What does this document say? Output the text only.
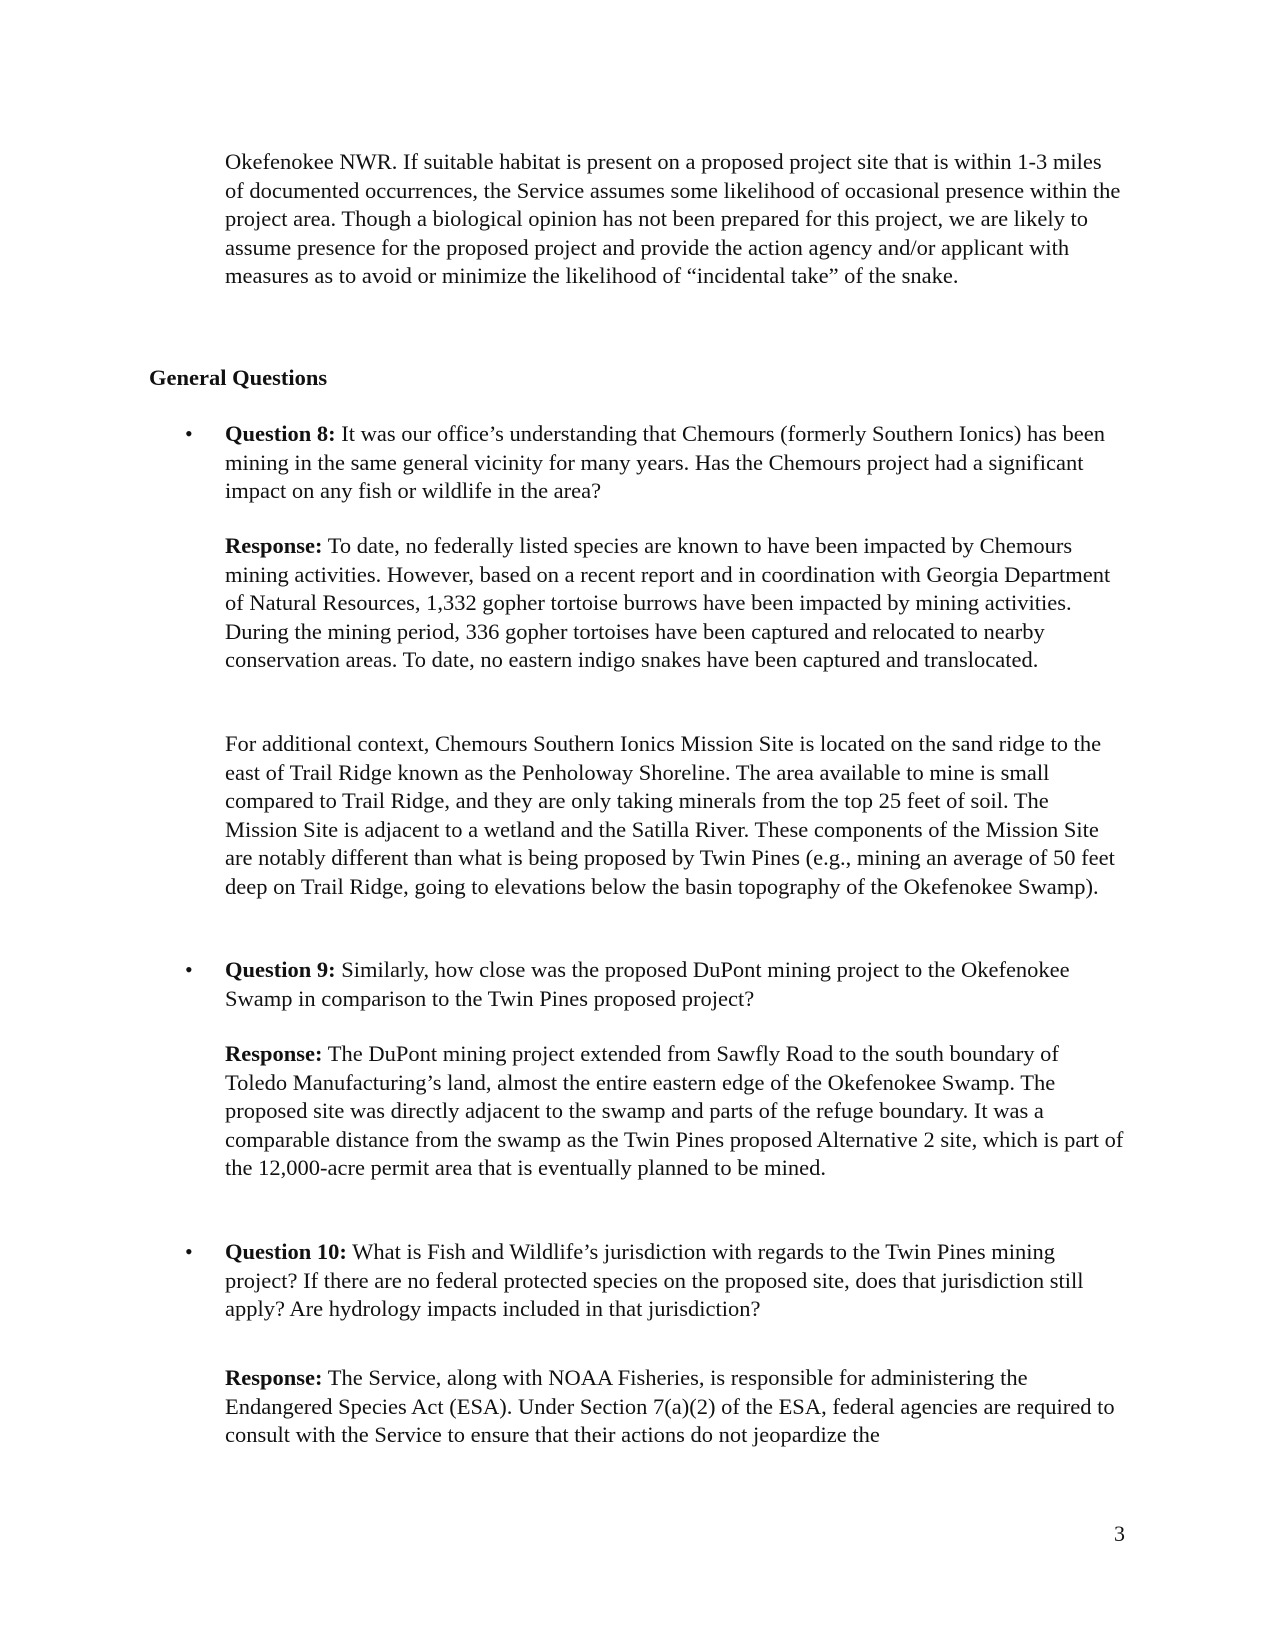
Okefenokee NWR. If suitable habitat is present on a proposed project site that is within 1-3 miles of documented occurrences, the Service assumes some likelihood of occasional presence within the project area. Though a biological opinion has not been prepared for this project, we are likely to assume presence for the proposed project and provide the action agency and/or applicant with measures as to avoid or minimize the likelihood of “incidental take” of the snake.

General Questions
• Question 8: It was our office’s understanding that Chemours (formerly Southern Ionics) has been mining in the same general vicinity for many years. Has the Chemours project had a significant impact on any fish or wildlife in the area?

Response: To date, no federally listed species are known to have been impacted by Chemours mining activities. However, based on a recent report and in coordination with Georgia Department of Natural Resources, 1,332 gopher tortoise burrows have been impacted by mining activities. During the mining period, 336 gopher tortoises have been captured and relocated to nearby conservation areas. To date, no eastern indigo snakes have been captured and translocated.

For additional context, Chemours Southern Ionics Mission Site is located on the sand ridge to the east of Trail Ridge known as the Penholoway Shoreline. The area available to mine is small compared to Trail Ridge, and they are only taking minerals from the top 25 feet of soil. The Mission Site is adjacent to a wetland and the Satilla River. These components of the Mission Site are notably different than what is being proposed by Twin Pines (e.g., mining an average of 50 feet deep on Trail Ridge, going to elevations below the basin topography of the Okefenokee Swamp).

• Question 9: Similarly, how close was the proposed DuPont mining project to the Okefenokee Swamp in comparison to the Twin Pines proposed project?

Response: The DuPont mining project extended from Sawfly Road to the south boundary of Toledo Manufacturing’s land, almost the entire eastern edge of the Okefenokee Swamp. The proposed site was directly adjacent to the swamp and parts of the refuge boundary. It was a comparable distance from the swamp as the Twin Pines proposed Alternative 2 site, which is part of the 12,000-acre permit area that is eventually planned to be mined.

• Question 10: What is Fish and Wildlife’s jurisdiction with regards to the Twin Pines mining project? If there are no federal protected species on the proposed site, does that jurisdiction still apply? Are hydrology impacts included in that jurisdiction?

Response: The Service, along with NOAA Fisheries, is responsible for administering the Endangered Species Act (ESA). Under Section 7(a)(2) of the ESA, federal agencies are required to consult with the Service to ensure that their actions do not jeopardize the

3
